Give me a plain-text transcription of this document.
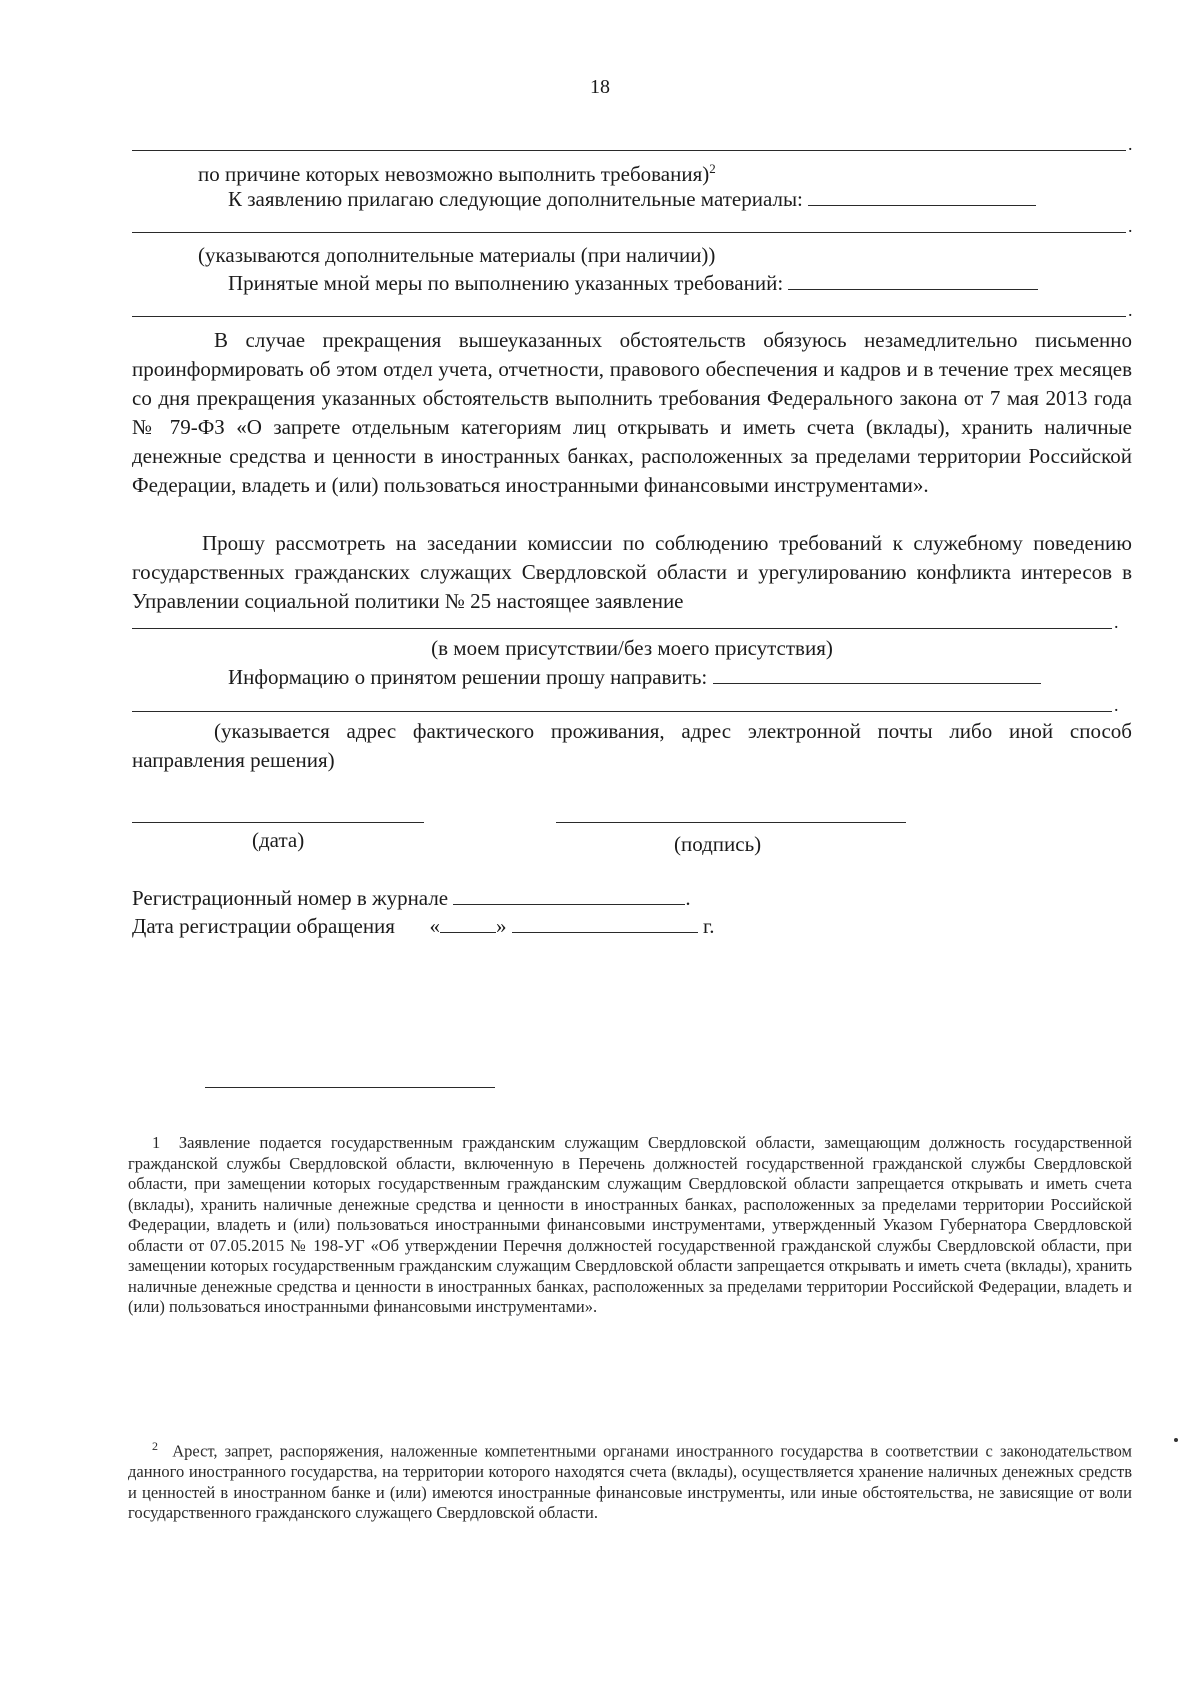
18
.
по причине которых невозможно выполнить требования)$^2$
К заявлению прилагаю следующие дополнительные материалы:
.
(указываются дополнительные материалы (при наличии))
Принятые мной меры по выполнению указанных требований:
.

В случае прекращения вышеуказанных обстоятельств обязуюсь незамедлительно письменно проинформировать об этом отдел учета, отчетности, правового обеспечения и кадров и в течение трех месяцев со дня прекращения указанных обстоятельств выполнить требования Федерального закона от 7 мая 2013 года № 79-ФЗ «О запрете отдельным категориям лиц открывать и иметь счета (вклады), хранить наличные денежные средства и ценности в иностранных банках, расположенных за пределами территории Российской Федерации, владеть и (или) пользоваться иностранными финансовыми инструментами».

Прошу рассмотреть на заседании комиссии по соблюдению требований к служебному поведению государственных гражданских служащих Свердловской области и урегулированию конфликта интересов в Управлении социальной политики № 25 настоящее заявление

.
(в моем присутствии/без моего присутствия)
Информацию о принятом решении прошу направить:
.

(указывается адрес фактического проживания, адрес электронной почты либо иной способ направления решения)

(дата)	(подпись)
Регистрационный номер в журнале	.
Дата регистрации обращения «	»	г.

1 Заявление подается государственным гражданским служащим Свердловской области, замещающим должность государственной гражданской службы Свердловской области, включенную в Перечень должностей государственной гражданской службы Свердловской области, при замещении которых государственным гражданским служащим Свердловской области запрещается открывать и иметь счета (вклады), хранить наличные денежные средства и ценности в иностранных банках, расположенных за пределами территории Российской Федерации, владеть и (или) пользоваться иностранными финансовыми инструментами, утвержденный Указом Губернатора Свердловской области от 07.05.2015 № 198-УГ «Об утверждении Перечня должностей государственной гражданской службы Свердловской области, при замещении которых государственным гражданским служащим Свердловской области запрещается открывать и иметь счета (вклады), хранить наличные денежные средства и ценности в иностранных банках, расположенных за пределами территории Российской Федерации, владеть и (или) пользоваться иностранными финансовыми инструментами».

$^2$ Арест, запрет, распоряжения, наложенные компетентными органами иностранного государства в соответствии с законодательством данного иностранного государства, на территории которого находятся счета (вклады), осуществляется хранение наличных денежных средств и ценностей в иностранном банке и (или) имеются иностранные финансовые инструменты, или иные обстоятельства, не зависящие от воли государственного гражданского служащего Свердловской области.
